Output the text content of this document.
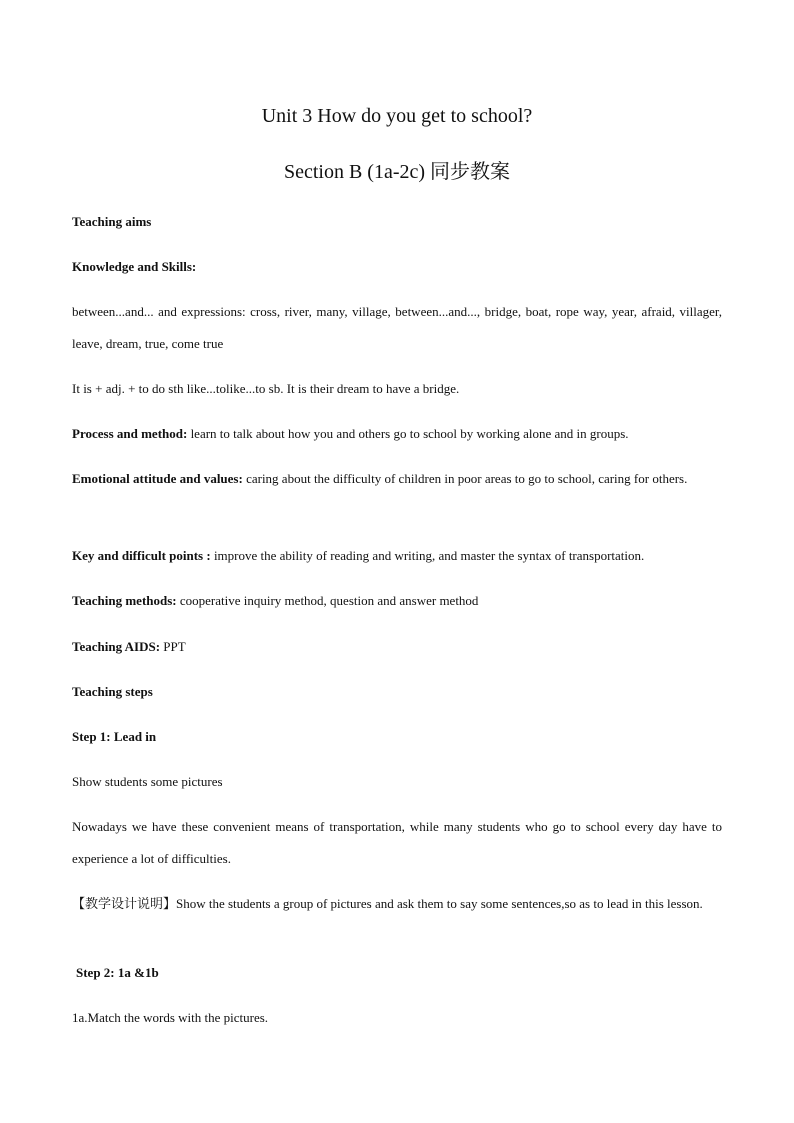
Unit 3 How do you get to school?
Section B (1a-2c) 同步教案
Teaching aims
Knowledge and Skills:
between...and... and expressions: cross, river, many, village, between...and..., bridge, boat, rope way, year, afraid, villager, leave, dream, true, come true
It is + adj. + to do sth like...tolike...to sb. It is their dream to have a bridge.
Process and method: learn to talk about how you and others go to school by working alone and in groups.
Emotional attitude and values: caring about the difficulty of children in poor areas to go to school, caring for others.
Key and difficult points : improve the ability of reading and writing, and master the syntax of transportation.
Teaching methods: cooperative inquiry method, question and answer method
Teaching AIDS: PPT
Teaching steps
Step 1: Lead in
Show students some pictures
Nowadays we have these convenient means of transportation, while many students who go to school every day have to experience a lot of difficulties.
【教学设计说明】Show the students a group of pictures and ask them to say some sentences,so as to lead in this lesson.
Step 2: 1a &1b
1a.Match the words with the pictures.
